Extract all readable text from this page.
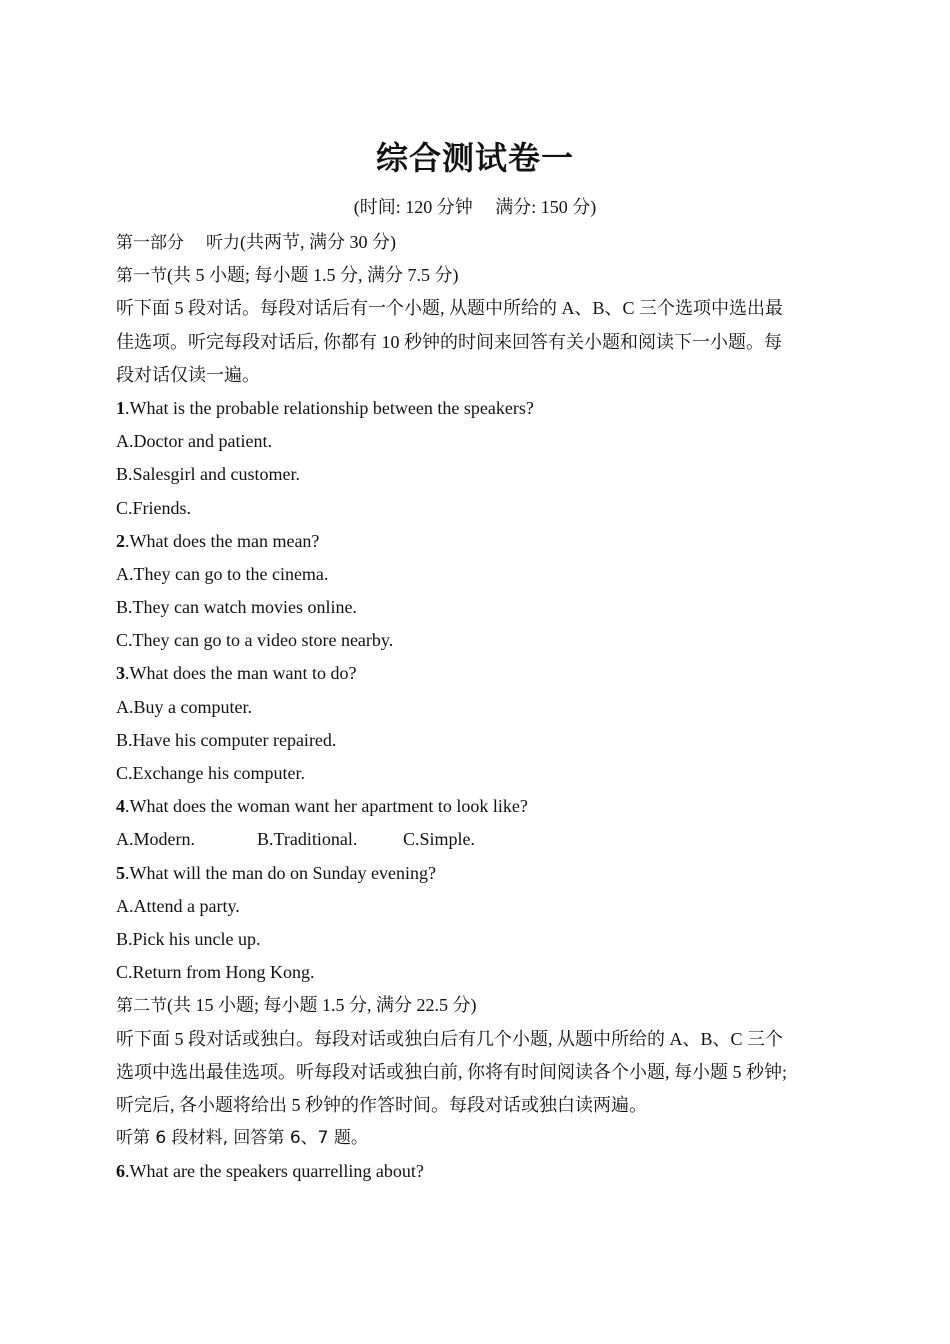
综合测试卷一
(时间: 120 分钟　 满分: 150 分)
第一部分 听力(共两节, 满分 30 分)
第一节(共 5 小题; 每小题 1.5 分, 满分 7.5 分)
听下面 5 段对话。每段对话后有一个小题, 从题中所给的 A、B、C 三个选项中选出最
佳选项。听完每段对话后, 你都有 10 秒钟的时间来回答有关小题和阅读下一小题。每
段对话仅读一遍。
1.What is the probable relationship between the speakers?
A.Doctor and patient.
B.Salesgirl and customer.
C.Friends.
2.What does the man mean?
A.They can go to the cinema.
B.They can watch movies online.
C.They can go to a video store nearby.
3.What does the man want to do?
A.Buy a computer.
B.Have his computer repaired.
C.Exchange his computer.
4.What does the woman want her apartment to look like?
A.Modern.	B.Traditional.	C.Simple.
5.What will the man do on Sunday evening?
A.Attend a party.
B.Pick his uncle up.
C.Return from Hong Kong.
第二节(共 15 小题; 每小题 1.5 分, 满分 22.5 分)
听下面 5 段对话或独白。每段对话或独白后有几个小题, 从题中所给的 A、B、C 三个
选项中选出最佳选项。听每段对话或独白前, 你将有时间阅读各个小题, 每小题 5 秒钟;
听完后, 各小题将给出 5 秒钟的作答时间。每段对话或独白读两遍。
听第 6 段材料, 回答第 6、7 题。
6.What are the speakers quarrelling about?
